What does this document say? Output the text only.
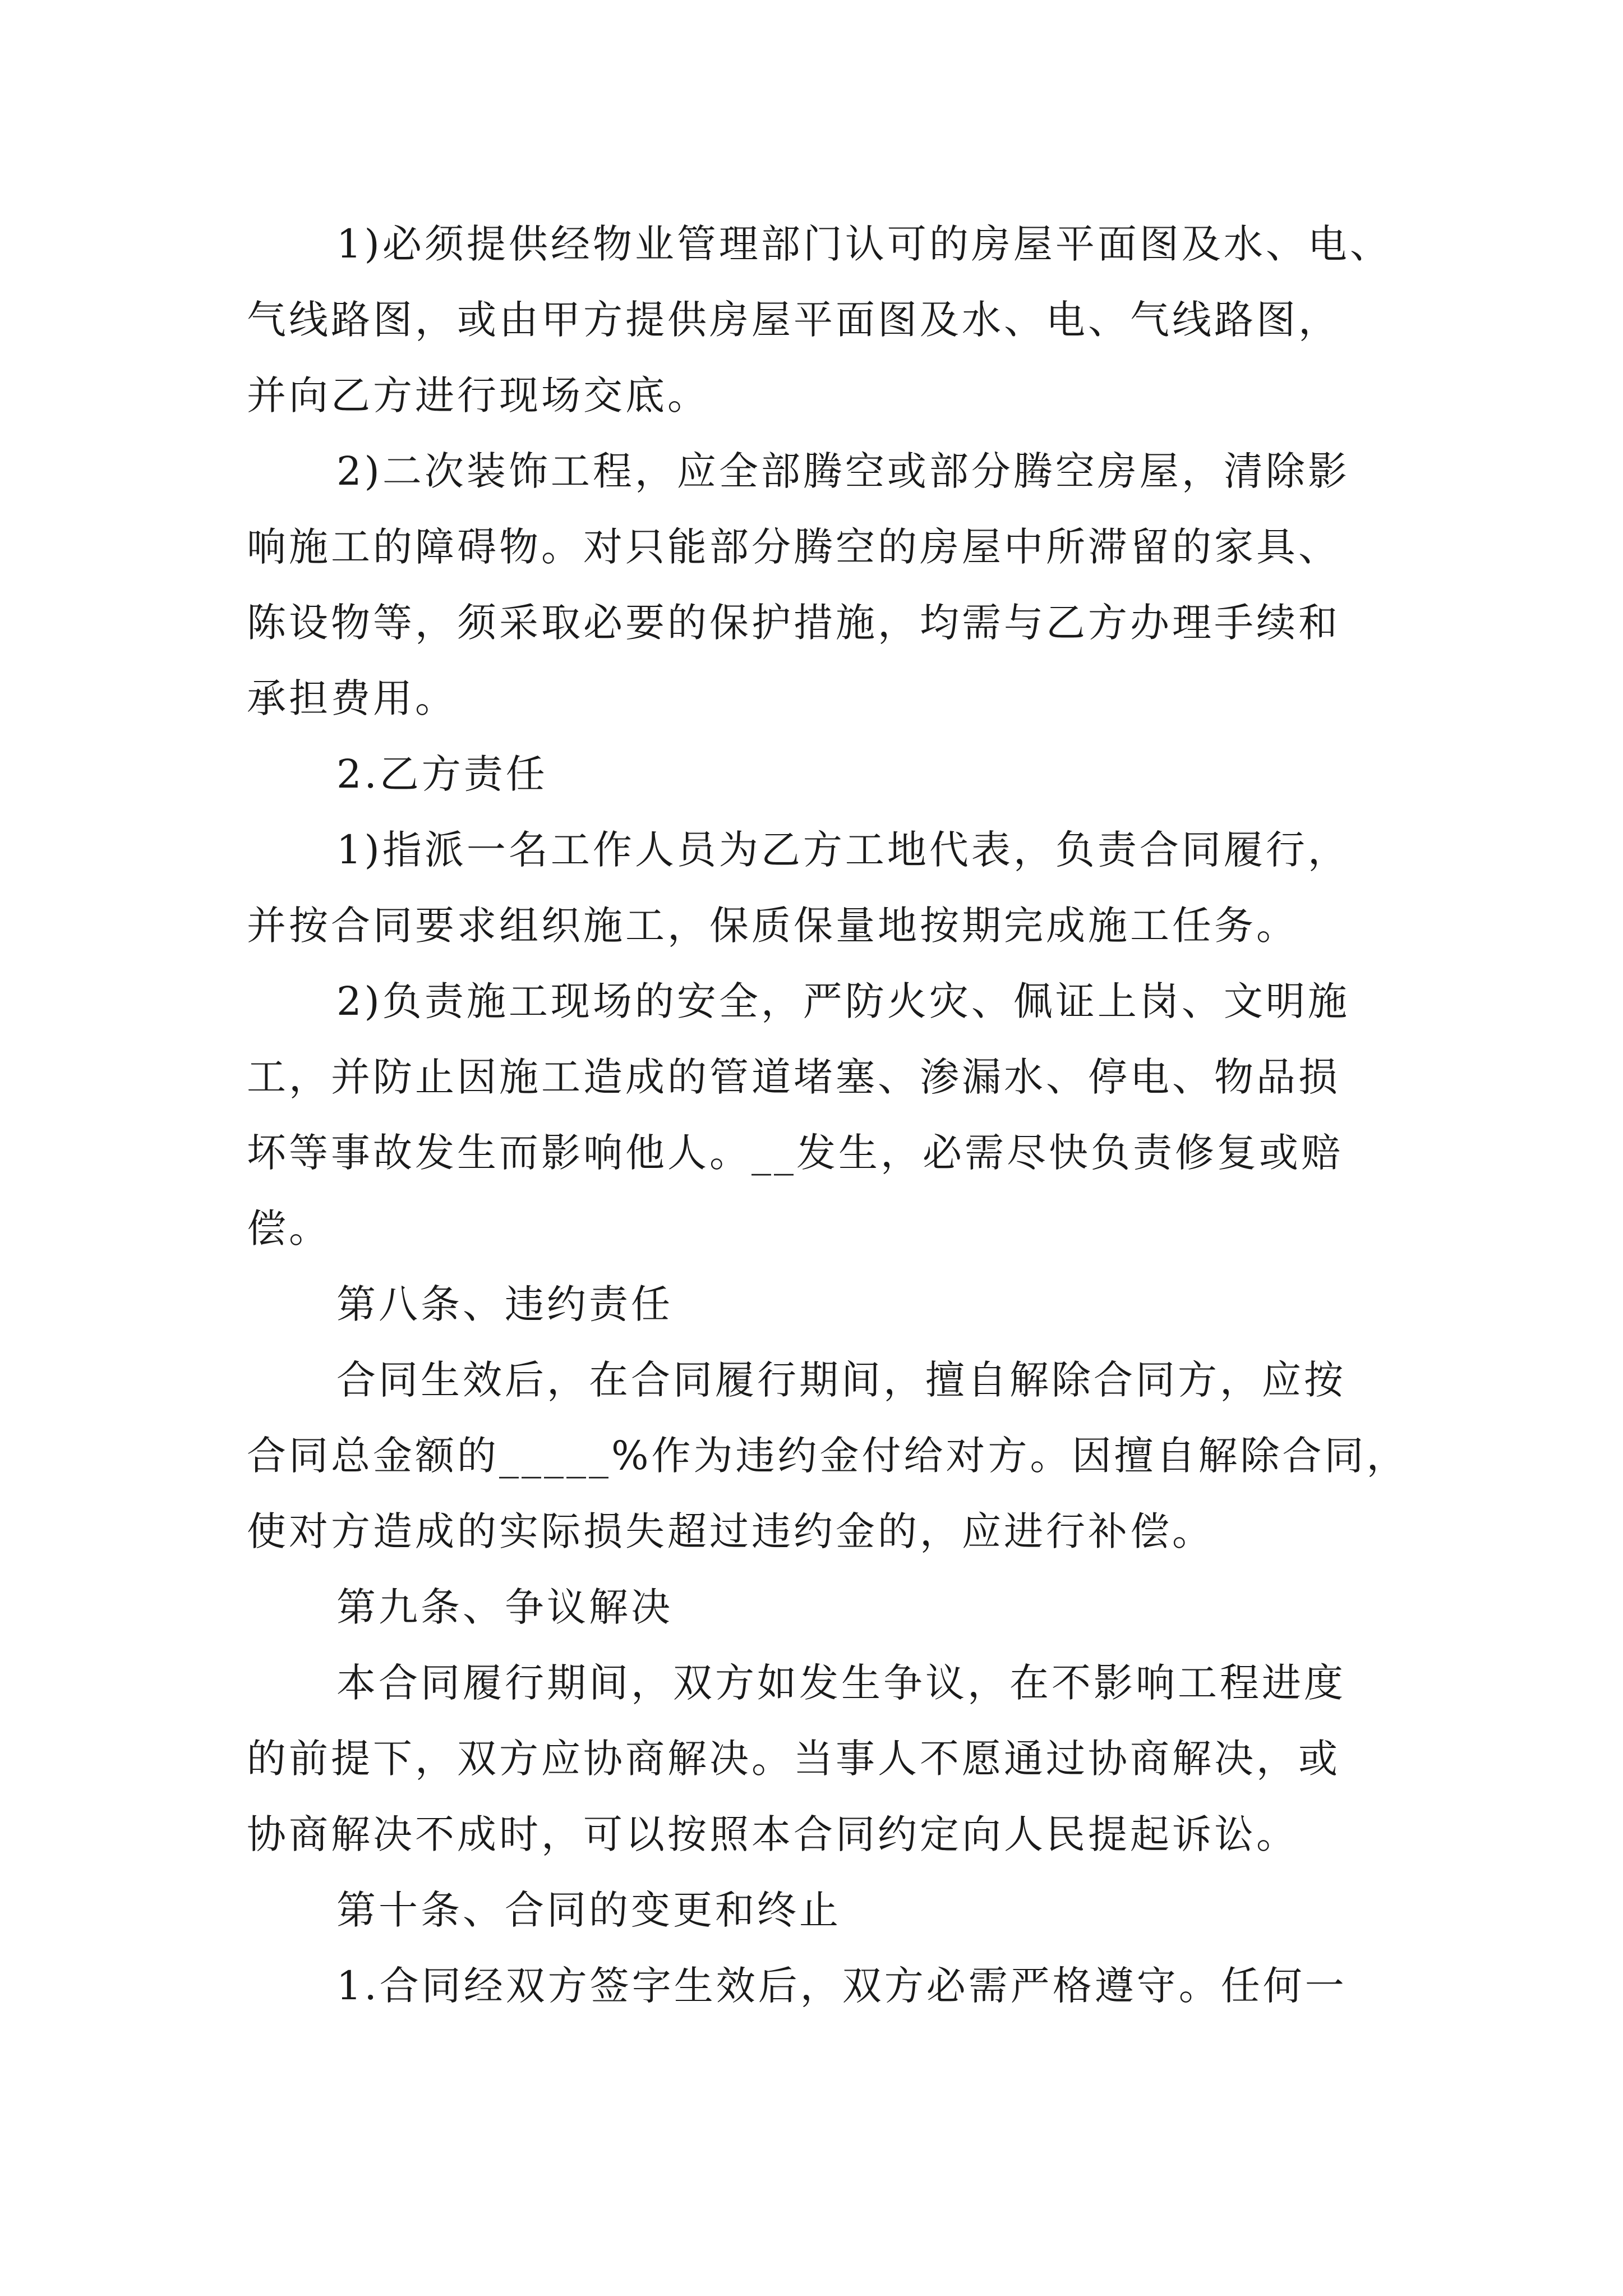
1)必须提供经物业管理部门认可的房屋平面图及水、电、
气线路图，或由甲方提供房屋平面图及水、电、气线路图，
并向乙方进行现场交底。
2)二次装饰工程，应全部腾空或部分腾空房屋，清除影
响施工的障碍物。对只能部分腾空的房屋中所滞留的家具、
陈设物等，须采取必要的保护措施，均需与乙方办理手续和
承担费用。
2.乙方责任
1)指派一名工作人员为乙方工地代表，负责合同履行，
并按合同要求组织施工，保质保量地按期完成施工任务。
2)负责施工现场的安全，严防火灾、佩证上岗、文明施
工，并防止因施工造成的管道堵塞、渗漏水、停电、物品损
坏等事故发生而影响他人。__发生，必需尽快负责修复或赔
偿。
第八条、违约责任
合同生效后，在合同履行期间，擅自解除合同方，应按
合同总金额的_____%作为违约金付给对方。因擅自解除合同，
使对方造成的实际损失超过违约金的，应进行补偿。
第九条、争议解决
本合同履行期间，双方如发生争议，在不影响工程进度
的前提下，双方应协商解决。当事人不愿通过协商解决，或
协商解决不成时，可以按照本合同约定向人民提起诉讼。
第十条、合同的变更和终止
1.合同经双方签字生效后，双方必需严格遵守。任何一
